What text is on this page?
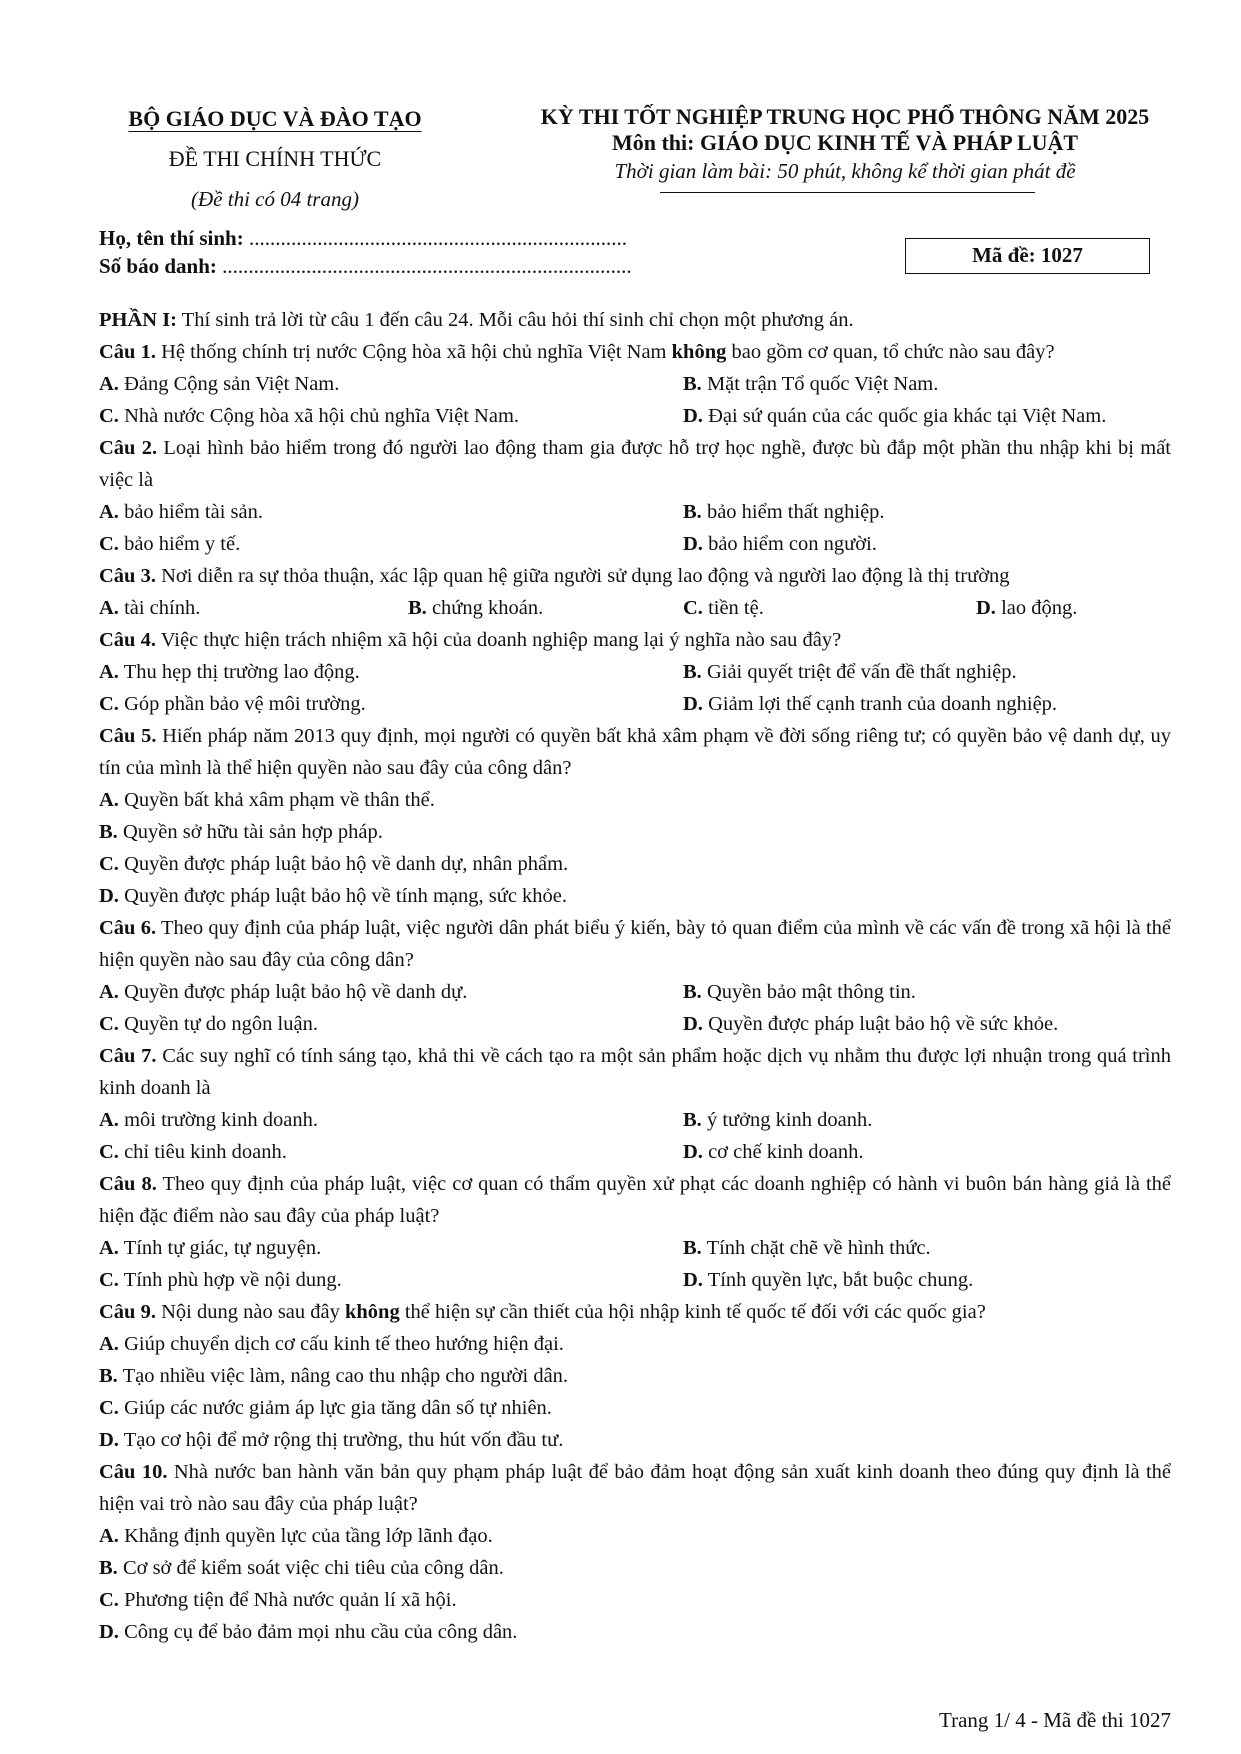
BỘ GIÁO DỤC VÀ ĐÀO TẠO
ĐỀ THI CHÍNH THỨC
(Đề thi có 04 trang)
KỲ THI TỐT NGHIỆP TRUNG HỌC PHỔ THÔNG NĂM 2025
Môn thi: GIÁO DỤC KINH TẾ VÀ PHÁP LUẬT
Thời gian làm bài: 50 phút, không kể thời gian phát đề
Họ, tên thí sinh: ........................................................................
Số báo danh: ..............................................................................	Mã đề: 1027
PHẦN I: Thí sinh trả lời từ câu 1 đến câu 24. Mỗi câu hỏi thí sinh chỉ chọn một phương án.
Câu 1. Hệ thống chính trị nước Cộng hòa xã hội chủ nghĩa Việt Nam không bao gồm cơ quan, tổ chức nào sau đây?
A. Đảng Cộng sản Việt Nam.	B. Mặt trận Tổ quốc Việt Nam.
C. Nhà nước Cộng hòa xã hội chủ nghĩa Việt Nam.	D. Đại sứ quán của các quốc gia khác tại Việt Nam.
Câu 2. Loại hình bảo hiểm trong đó người lao động tham gia được hỗ trợ học nghề, được bù đắp một phần thu nhập khi bị mất việc là
A. bảo hiểm tài sản.	B. bảo hiểm thất nghiệp.
C. bảo hiểm y tế.	D. bảo hiểm con người.
Câu 3. Nơi diễn ra sự thỏa thuận, xác lập quan hệ giữa người sử dụng lao động và người lao động là thị trường
A. tài chính.	B. chứng khoán.	C. tiền tệ.	D. lao động.
Câu 4. Việc thực hiện trách nhiệm xã hội của doanh nghiệp mang lại ý nghĩa nào sau đây?
A. Thu hẹp thị trường lao động.	B. Giải quyết triệt để vấn đề thất nghiệp.
C. Góp phần bảo vệ môi trường.	D. Giảm lợi thế cạnh tranh của doanh nghiệp.
Câu 5. Hiến pháp năm 2013 quy định, mọi người có quyền bất khả xâm phạm về đời sống riêng tư; có quyền bảo vệ danh dự, uy tín của mình là thể hiện quyền nào sau đây của công dân?
A. Quyền bất khả xâm phạm về thân thể.
B. Quyền sở hữu tài sản hợp pháp.
C. Quyền được pháp luật bảo hộ về danh dự, nhân phẩm.
D. Quyền được pháp luật bảo hộ về tính mạng, sức khỏe.
Câu 6. Theo quy định của pháp luật, việc người dân phát biểu ý kiến, bày tỏ quan điểm của mình về các vấn đề trong xã hội là thể hiện quyền nào sau đây của công dân?
A. Quyền được pháp luật bảo hộ về danh dự.	B. Quyền bảo mật thông tin.
C. Quyền tự do ngôn luận.	D. Quyền được pháp luật bảo hộ về sức khỏe.
Câu 7. Các suy nghĩ có tính sáng tạo, khả thi về cách tạo ra một sản phẩm hoặc dịch vụ nhằm thu được lợi nhuận trong quá trình kinh doanh là
A. môi trường kinh doanh.	B. ý tưởng kinh doanh.
C. chỉ tiêu kinh doanh.	D. cơ chế kinh doanh.
Câu 8. Theo quy định của pháp luật, việc cơ quan có thẩm quyền xử phạt các doanh nghiệp có hành vi buôn bán hàng giả là thể hiện đặc điểm nào sau đây của pháp luật?
A. Tính tự giác, tự nguyện.	B. Tính chặt chẽ về hình thức.
C. Tính phù hợp về nội dung.	D. Tính quyền lực, bắt buộc chung.
Câu 9. Nội dung nào sau đây không thể hiện sự cần thiết của hội nhập kinh tế quốc tế đối với các quốc gia?
A. Giúp chuyển dịch cơ cấu kinh tế theo hướng hiện đại.
B. Tạo nhiều việc làm, nâng cao thu nhập cho người dân.
C. Giúp các nước giảm áp lực gia tăng dân số tự nhiên.
D. Tạo cơ hội để mở rộng thị trường, thu hút vốn đầu tư.
Câu 10. Nhà nước ban hành văn bản quy phạm pháp luật để bảo đảm hoạt động sản xuất kinh doanh theo đúng quy định là thể hiện vai trò nào sau đây của pháp luật?
A. Khẳng định quyền lực của tầng lớp lãnh đạo.
B. Cơ sở để kiểm soát việc chi tiêu của công dân.
C. Phương tiện để Nhà nước quản lí xã hội.
D. Công cụ để bảo đảm mọi nhu cầu của công dân.
Trang 1/ 4 - Mã đề thi 1027
